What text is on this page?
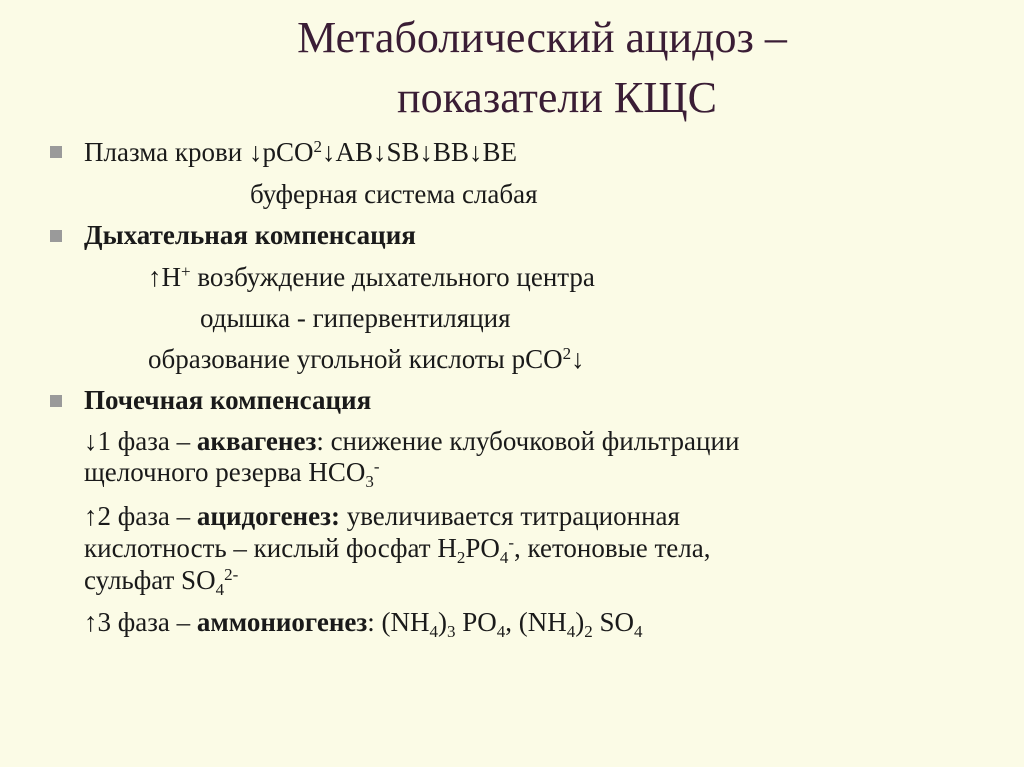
Метаболический ацидоз –
показатели КЩС
Плазма крови ↓pCO$^2$↓AB↓SB↓BB↓BE
буферная система слабая
Дыхательная компенсация
↑H+ возбуждение дыхательного центра
одышка - гипервентиляция
образование угольной кислоты pCO$^2$↓
Почечная компенсация
↓1 фаза – аквагенез: снижение клубочковой фильтрации
щелочного резерва $HCO_3^-$
↑2 фаза – ацидогенез: увеличивается титрационная
кислотность – кислый фосфат $H_2PO_4^-$, кетоновые тела,
сульфат $SO_4^{2-}$
↑3 фаза – аммониогенез: $(NH_4)_3$ $PO_4$, $(NH_4)_2$ $SO_4$
